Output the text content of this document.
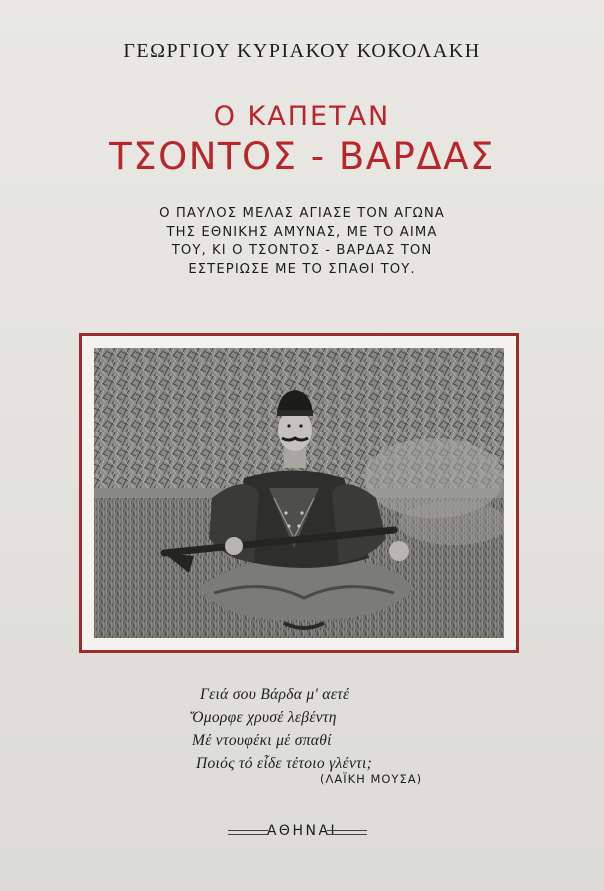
ΓΕΩΡΓΙΟΥ ΚΥΡΙΑΚΟΥ ΚΟΚΟΛΑΚΗ
Ο ΚΑΠΕΤΑΝ
ΤΣΟΝΤΟΣ - ΒΑΡΔΑΣ
Ο ΠΑΥΛΟΣ ΜΕΛΑΣ ΑΓΙΑΣΕ ΤΟΝ ΑΓΩΝΑ
ΤΗΣ ΕΘΝΙΚΗΣ ΑΜΥΝΑΣ, ΜΕ ΤΟ ΑΙΜΑ
ΤΟΥ, ΚΙ Ο ΤΣΟΝΤΟΣ - ΒΑΡΔΑΣ ΤΟΝ
ΕΣΤΕΡΙΩΣΕ ΜΕ ΤΟ ΣΠΑΘΙ ΤΟΥ.
Γειά σου Βάρδα μ' αετέ
Ὄμορφε χρυσέ λεβέντη
Μέ ντουφέκι μέ σπαθί
Ποιός τό εἶδε τέτοιο γλέντι;
(ΛΑΪΚΗ ΜΟΥΣΑ)
ΑΘΗΝΑΙ
